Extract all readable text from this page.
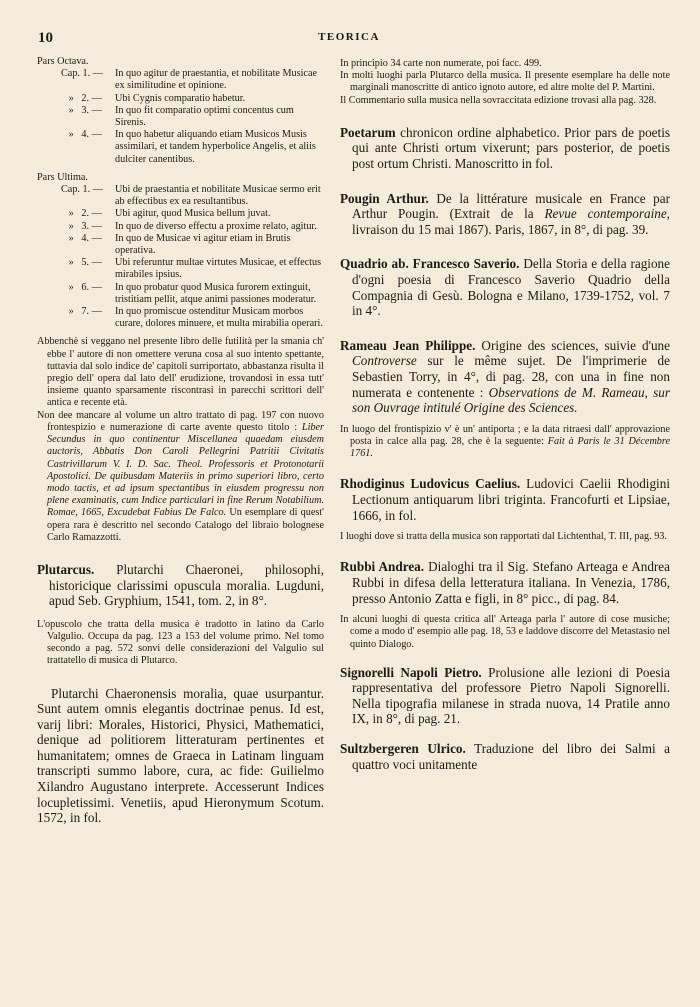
10	TEORICA

Pars Octava.

Cap. 1. —	In quo agitur de praestantia, et nobilitate Musicae ex similitudine et opinione.
»   2. —	Ubi Cygnis comparatio habetur.
»   3. —	In quo fit comparatio optimi concentus cum Sirenis.
»   4. —	In quo habetur aliquando etiam Musicos Musis assimilari, et tandem hyperbolice Angelis, et aliis dulciter canentibus.

Pars Ultima.

Cap. 1. —	Ubi de praestantia et nobilitate Musicae sermo erit ab effectibus ex ea resultantibus.
»   2. —	Ubi agitur, quod Musica bellum juvat.
»   3. —	In quo de diverso effectu a proxime relato, agitur.
»   4. —	In quo de Musicae vi agitur etiam in Brutis operativa.
»   5. —	Ubi referuntur multae virtutes Musicae, et effectus mirabiles ipsius.
»   6. —	In quo probatur quod Musica furorem extinguit, tristitiam pellit, atque animi passiones moderatur.
»   7. —	In quo promiscue ostenditur Musicam morbos curare, dolores minuere, et multa mirabilia operari.

Abbenchè si veggano nel presente libro delle futilità per la smania ch' ebbe l' autore di non omettere veruna cosa al suo intento spettante, tuttavia dal solo indice de' capitoli surriportato, abbastanza risulta il pregio dell' opera dal lato dell' erudizione, trovandosi in essa tutt' insieme quanto sparsamente riscontrasi in parecchi scrittori dell' antica e recente età.

Non dee mancare al volume un altro trattato di pag. 197 con nuovo frontespizio e numerazione di carte avente questo titolo : Liber Secundus in quo continentur Miscellanea quaedam eiusdem auctoris, Abbatis Don Caroli Pellegrini Patritii Civitatis Castrivillarum V. I. D. Sac. Theol. Professoris et Protonotarii Apostolici. De quibusdam Materiis in primo superiori libro, certo modo tactis, et ad ipsum spectantibus in eiusdem progressu non plene examinatis, cum Indice particulari in fine Rerum Notabilium. Romae, 1665, Excudebat Fabius De Falco. Un esemplare di quest' opera rara è descritto nel secondo Catalogo del libraio bolognese Carlo Ramazzotti.

Plutarcus. Plutarchi Chaeronei, philosophi, historicique clarissimi opuscula moralia. Lugduni, apud Seb. Gryphium, 1541, tom. 2, in 8°.

L'opuscolo che tratta della musica è tradotto in latino da Carlo Valgulio. Occupa da pag. 123 a 153 del volume primo. Nel tomo secondo a pag. 572 sonvi delle considerazioni del Valgulio sul trattatello di musica di Plutarco.

Plutarchi Chaeronensis moralia, quae usurpantur. Sunt autem omnis elegantis doctrinae penus. Id est, varij libri: Morales, Historici, Physici, Mathematici, denique ad politiorem litteraturam pertinentes et humanitatem; omnes de Graeca in Latinam linguam transcripti summo labore, cura, ac fide: Guilielmo Xilandro Augustano interprete. Accesserunt Indices locupletissimi. Venetiis, apud Hieronymum Scotum. 1572, in fol.

In principio 34 carte non numerate, poi facc. 499.

In molti luoghi parla Plutarco della musica. Il presente esemplare ha delle note marginali manoscritte di antico ignoto autore, ed altre molte del P. Martini.

Il Commentario sulla musica nella sovraccitata edizione trovasi alla pag. 328.

Poetarum chronicon ordine alphabetico. Prior pars de poetis qui ante Christi ortum vixerunt; pars posterior, de poetis post ortum Christi. Manoscritto in fol.

Pougin Arthur. De la littérature musicale en France par Arthur Pougin. (Extrait de la Revue contemporaine, livraison du 15 mai 1867). Paris, 1867, in 8°, di pag. 39.

Quadrio ab. Francesco Saverio. Della Storia e della ragione d'ogni poesia di Francesco Saverio Quadrio della Compagnia di Gesù. Bologna e Milano, 1739-1752, vol. 7 in 4°.

Rameau Jean Philippe. Origine des sciences, suivie d'une Controverse sur le même sujet. De l'imprimerie de Sebastien Torry, in 4°, di pag. 28, con una in fine non numerata e contenente : Observations de M. Rameau, sur son Ouvrage intitulé Origine des Sciences.

In luogo del frontispizio v' è un' antiporta ; e la data ritraesi dall' approvazione posta in calce alla pag. 28, che è la seguente: Fait à Paris le 31 Décembre 1761.

Rhodiginus Ludovicus Caelius. Ludovici Caelii Rhodigini Lectionum antiquarum libri triginta. Francofurti et Lipsiae, 1666, in fol.

I luoghi dove si tratta della musica son rapportati dal Lichtenthal, T. III, pag. 93.

Rubbi Andrea. Dialoghi tra il Sig. Stefano Arteaga e Andrea Rubbi in difesa della letteratura italiana. In Venezia, 1786, presso Antonio Zatta e figli, in 8° picc., di pag. 84.

In alcuni luoghi di questa critica all' Arteaga parla l' autore di cose musiche; come a modo d' esempio alle pag. 18, 53 e laddove discorre del Metastasio nel quinto Dialogo.

Signorelli Napoli Pietro. Prolusione alle lezioni di Poesia rappresentativa del professore Pietro Napoli Signorelli. Nella tipografia milanese in strada nuova, 14 Pratile anno IX, in 8°, di pag. 21.

Sultzbergeren Ulrico. Traduzione del libro dei Salmi a quattro voci unitamente
